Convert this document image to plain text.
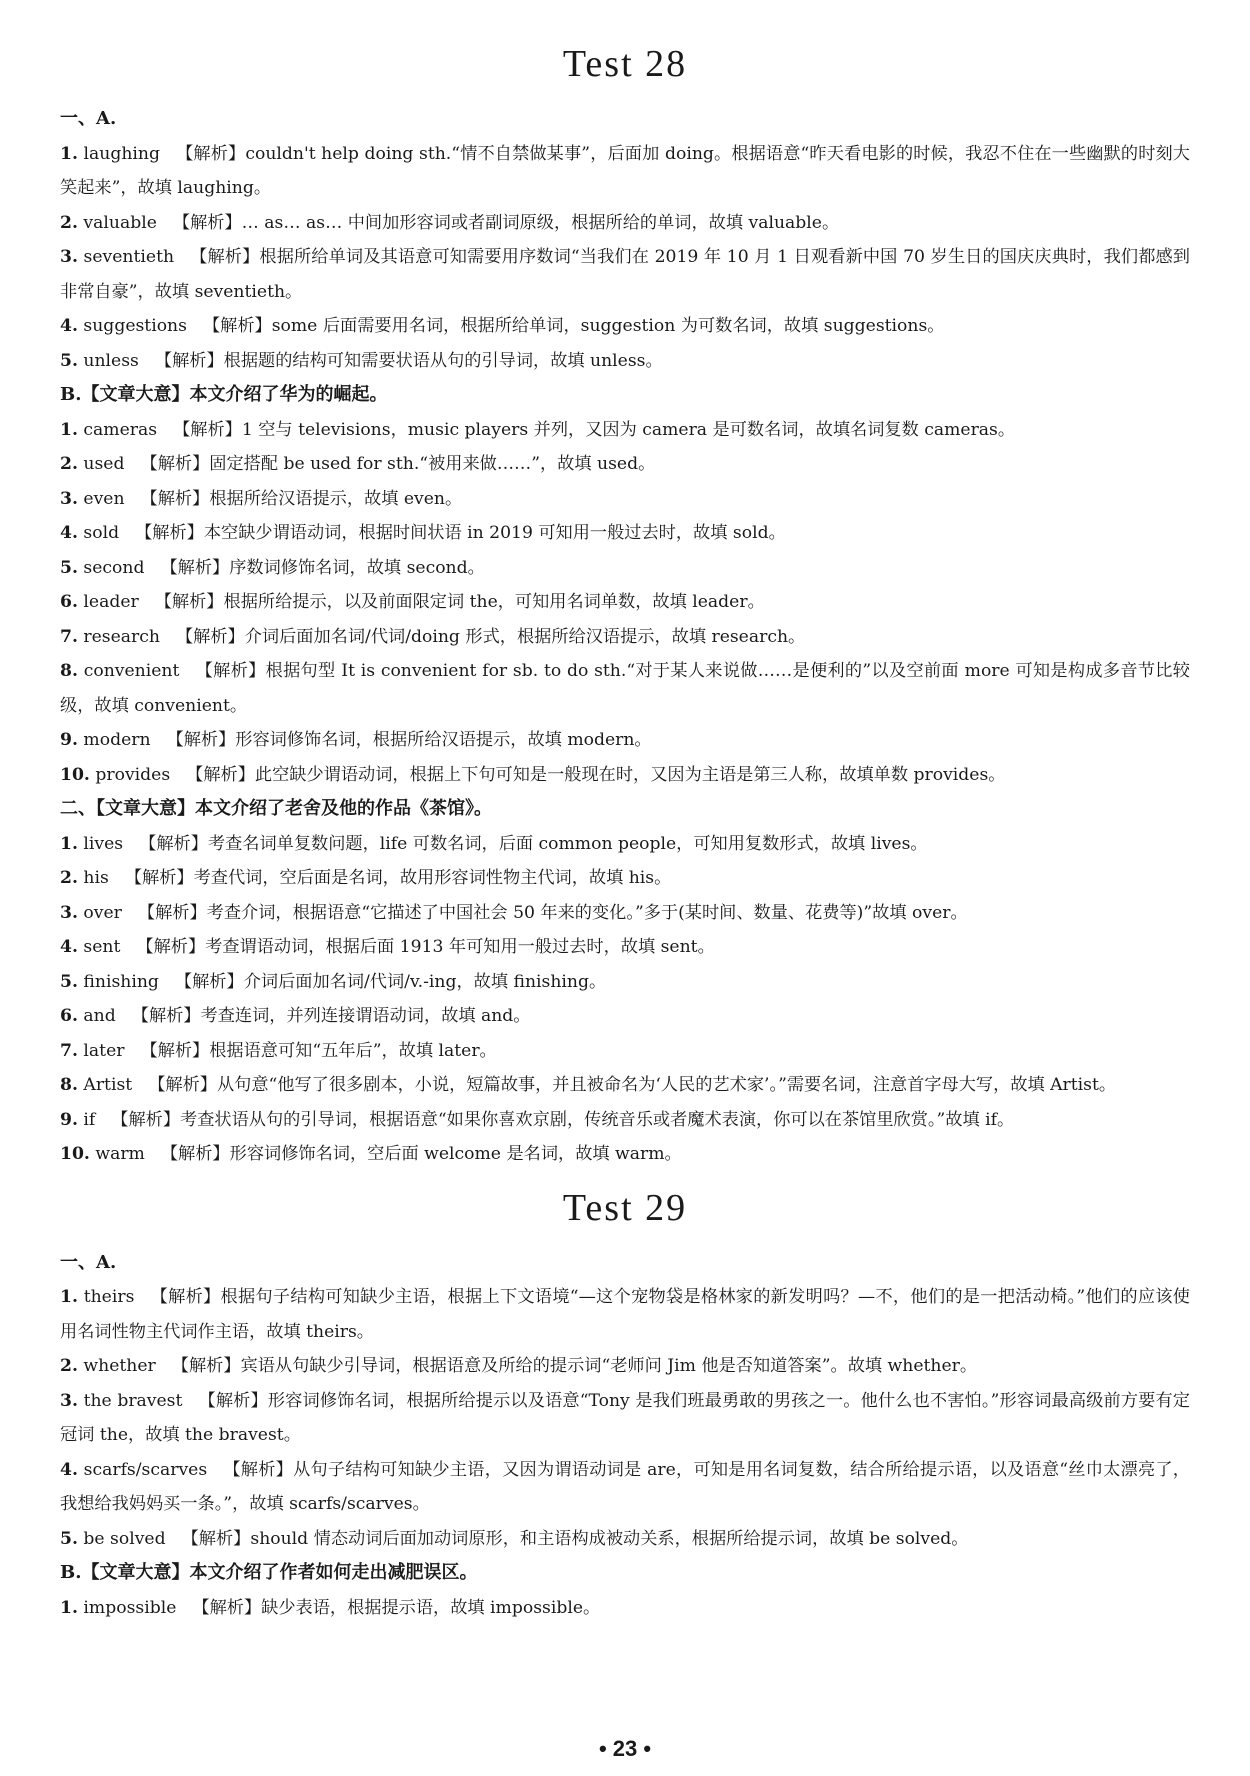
Test 28
一、A.
1. laughing 【解析】couldn't help doing sth.“情不自禁做某事”，后面加 doing。根据语意“昨天看电影的时候，我忍不住在一些幽默的时刻大笑起来”，故填 laughing。
2. valuable 【解析】… as… as… 中间加形容词或者副词原级，根据所给的单词，故填 valuable。
3. seventieth 【解析】根据所给单词及其语意可知需要用序数词“当我们在 2019 年 10 月 1 日观看新中国 70 岁生日的国庆庆典时，我们都感到非常自豪”，故填 seventieth。
4. suggestions 【解析】some 后面需要用名词，根据所给单词，suggestion 为可数名词，故填 suggestions。
5. unless 【解析】根据题的结构可知需要状语从句的引导词，故填 unless。
B.【文章大意】本文介绍了华为的崛起。
1. cameras 【解析】1 空与 televisions，music players 并列，又因为 camera 是可数名词，故填名词复数 cameras。
2. used 【解析】固定搭配 be used for sth.“被用来做……”，故填 used。
3. even 【解析】根据所给汉语提示，故填 even。
4. sold 【解析】本空缺少谓语动词，根据时间状语 in 2019 可知用一般过去时，故填 sold。
5. second 【解析】序数词修饰名词，故填 second。
6. leader 【解析】根据所给提示，以及前面限定词 the，可知用名词单数，故填 leader。
7. research 【解析】介词后面加名词/代词/doing 形式，根据所给汉语提示，故填 research。
8. convenient 【解析】根据句型 It is convenient for sb. to do sth.“对于某人来说做……是便利的”以及空前面 more 可知是构成多音节比较级，故填 convenient。
9. modern 【解析】形容词修饰名词，根据所给汉语提示，故填 modern。
10. provides 【解析】此空缺少谓语动词，根据上下句可知是一般现在时，又因为主语是第三人称，故填单数 provides。
二、【文章大意】本文介绍了老舍及他的作品《茶馆》。
1. lives 【解析】考查名词单复数问题，life 可数名词，后面 common people，可知用复数形式，故填 lives。
2. his 【解析】考查代词，空后面是名词，故用形容词性物主代词，故填 his。
3. over 【解析】考查介词，根据语意“它描述了中国社会 50 年来的变化。”多于(某时间、数量、花费等)”故填 over。
4. sent 【解析】考查谓语动词，根据后面 1913 年可知用一般过去时，故填 sent。
5. finishing 【解析】介词后面加名词/代词/v.-ing，故填 finishing。
6. and 【解析】考查连词，并列连接谓语动词，故填 and。
7. later 【解析】根据语意可知“五年后”，故填 later。
8. Artist 【解析】从句意“他写了很多剧本，小说，短篇故事，并且被命名为‘人民的艺术家’。”需要名词，注意首字母大写，故填 Artist。
9. if 【解析】考查状语从句的引导词，根据语意“如果你喜欢京剧，传统音乐或者魔术表演，你可以在茶馆里欣赏。”故填 if。
10. warm 【解析】形容词修饰名词，空后面 welcome 是名词，故填 warm。
Test 29
一、A.
1. theirs 【解析】根据句子结构可知缺少主语，根据上下文语境“—这个宠物袋是格林家的新发明吗？—不，他们的是一把活动椅。”他们的应该使用名词性物主代词作主语，故填 theirs。
2. whether 【解析】宾语从句缺少引导词，根据语意及所给的提示词“老师问 Jim 他是否知道答案”。故填 whether。
3. the bravest 【解析】形容词修饰名词，根据所给提示以及语意“Tony 是我们班最勇敢的男孩之一。他什么也不害怕。”形容词最高级前方要有定冠词 the，故填 the bravest。
4. scarfs/scarves 【解析】从句子结构可知缺少主语，又因为谓语动词是 are，可知是用名词复数，结合所给提示语，以及语意“丝巾太漂亮了，我想给我妈妈买一条。”，故填 scarfs/scarves。
5. be solved 【解析】should 情态动词后面加动词原形，和主语构成被动关系，根据所给提示词，故填 be solved。
B.【文章大意】本文介绍了作者如何走出减肥误区。
1. impossible 【解析】缺少表语，根据提示语，故填 impossible。
• 23 •
